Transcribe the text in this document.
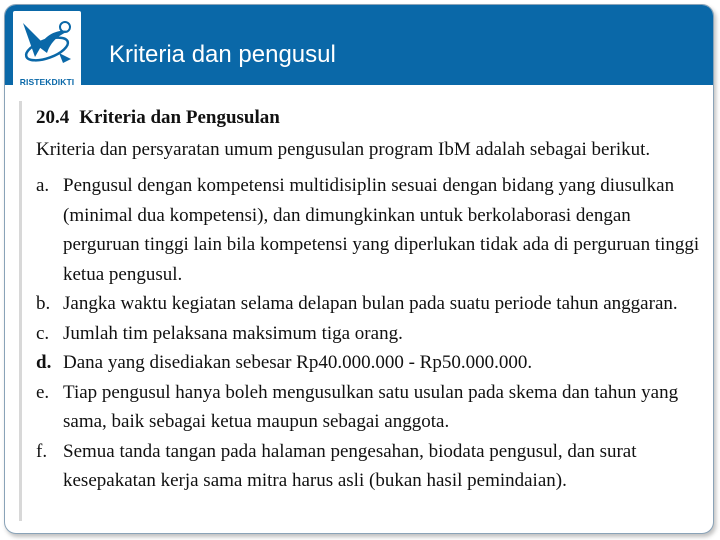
RISTEKDIKTI
Kriteria dan pengusul
20.4 Kriteria dan Pengusulan
Kriteria dan persyaratan umum pengusulan program IbM adalah sebagai berikut.
a. Pengusul dengan kompetensi multidisiplin sesuai dengan bidang yang diusulkan (minimal dua kompetensi), dan dimungkinkan untuk berkolaborasi dengan perguruan tinggi lain bila kompetensi yang diperlukan tidak ada di perguruan tinggi ketua pengusul.
b. Jangka waktu kegiatan selama delapan bulan pada suatu periode tahun anggaran.
c. Jumlah tim pelaksana maksimum tiga orang.
d. Dana yang disediakan sebesar Rp40.000.000 - Rp50.000.000.
e. Tiap pengusul hanya boleh mengusulkan satu usulan pada skema dan tahun yang sama, baik sebagai ketua maupun sebagai anggota.
f. Semua tanda tangan pada halaman pengesahan, biodata pengusul, dan surat kesepakatan kerja sama mitra harus asli (bukan hasil pemindaian).
